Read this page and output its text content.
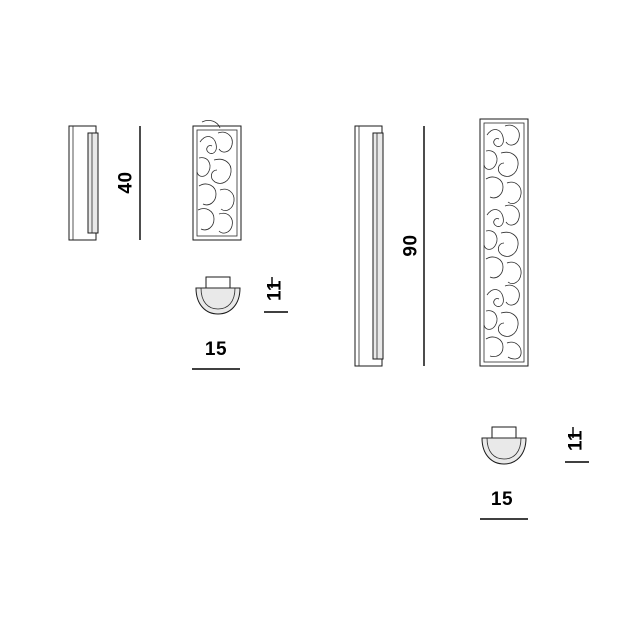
40
11
15
90
11
15
